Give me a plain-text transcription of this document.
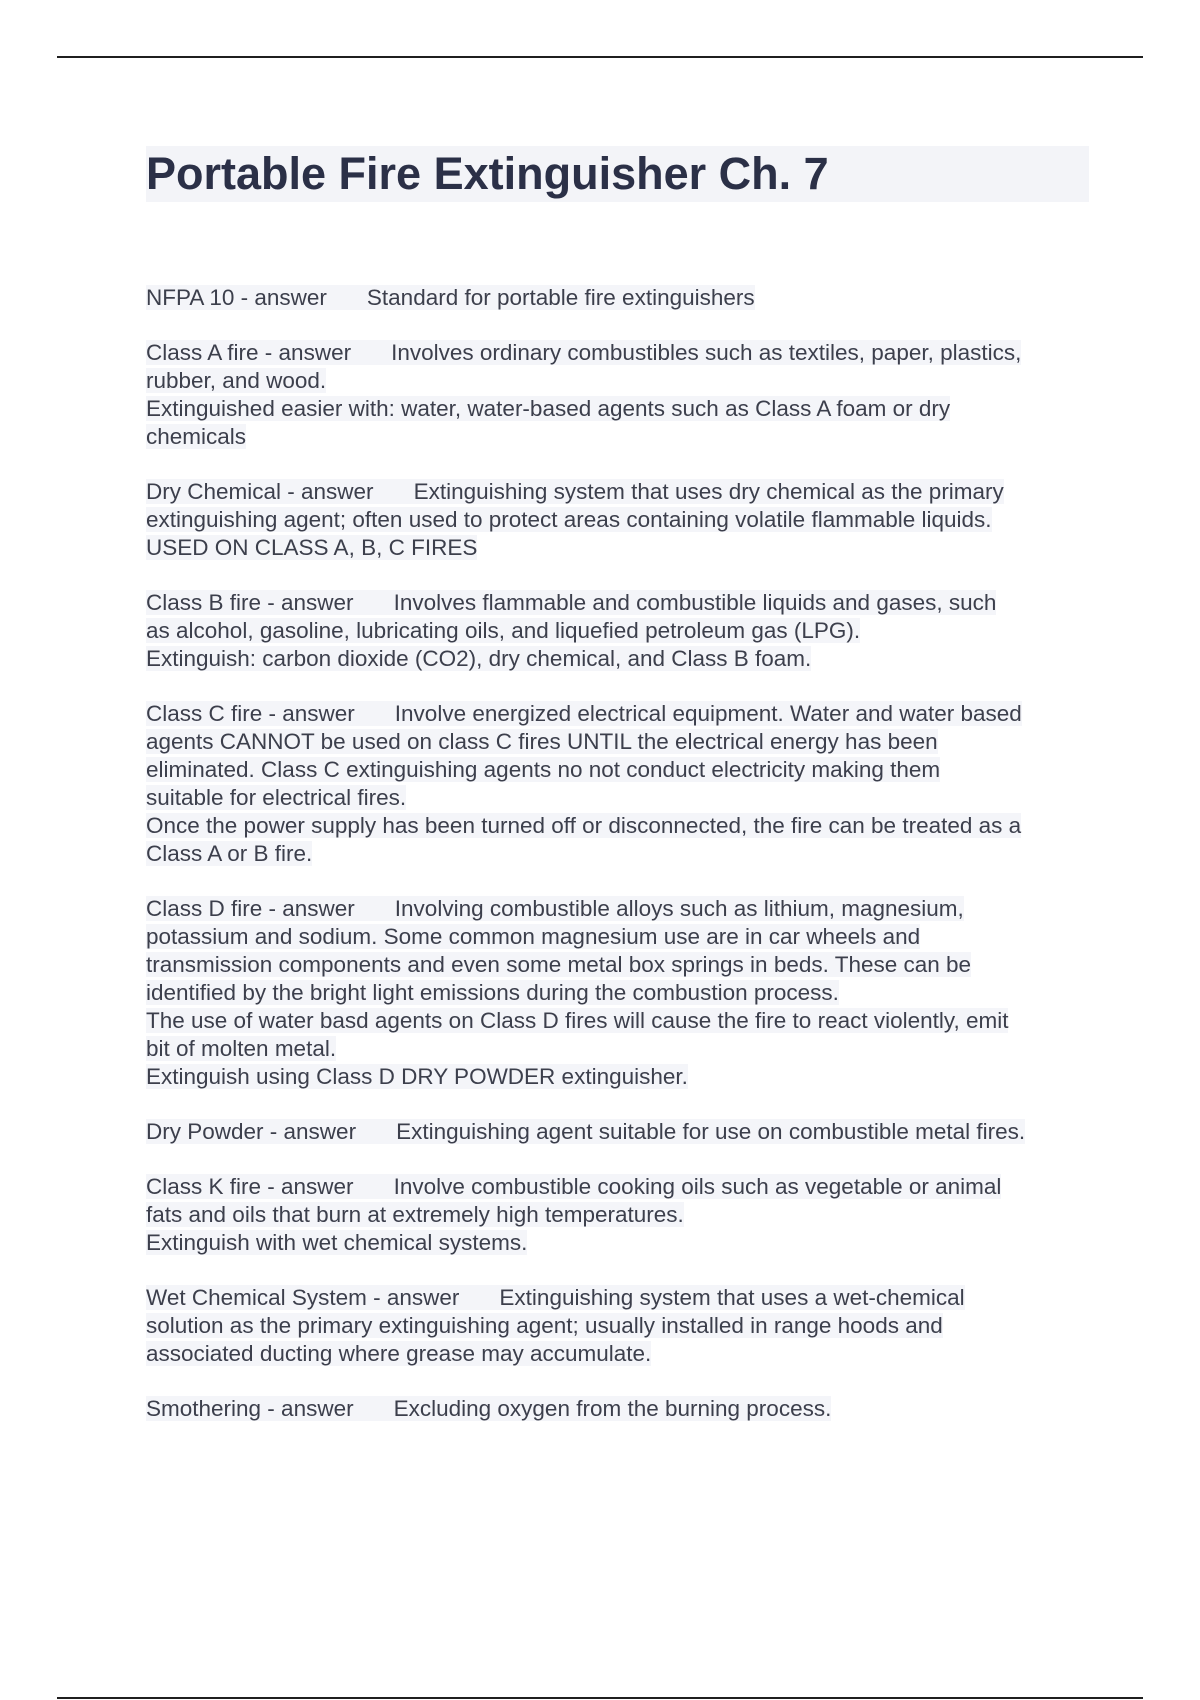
Portable Fire Extinguisher Ch. 7
NFPA 10 - answer Standard for portable fire extinguishers
Class A fire - answer Involves ordinary combustibles such as textiles, paper, plastics,
rubber, and wood.
Extinguished easier with: water, water-based agents such as Class A foam or dry
chemicals
Dry Chemical - answer Extinguishing system that uses dry chemical as the primary
extinguishing agent; often used to protect areas containing volatile flammable liquids.
USED ON CLASS A, B, C FIRES
Class B fire - answer Involves flammable and combustible liquids and gases, such
as alcohol, gasoline, lubricating oils, and liquefied petroleum gas (LPG).
Extinguish: carbon dioxide (CO2), dry chemical, and Class B foam.
Class C fire - answer Involve energized electrical equipment. Water and water based
agents CANNOT be used on class C fires UNTIL the electrical energy has been
eliminated. Class C extinguishing agents no not conduct electricity making them
suitable for electrical fires.
Once the power supply has been turned off or disconnected, the fire can be treated as a
Class A or B fire.
Class D fire - answer Involving combustible alloys such as lithium, magnesium,
potassium and sodium. Some common magnesium use are in car wheels and
transmission components and even some metal box springs in beds. These can be
identified by the bright light emissions during the combustion process.
The use of water basd agents on Class D fires will cause the fire to react violently, emit
bit of molten metal.
Extinguish using Class D DRY POWDER extinguisher.
Dry Powder - answer Extinguishing agent suitable for use on combustible metal fires.
Class K fire - answer Involve combustible cooking oils such as vegetable or animal
fats and oils that burn at extremely high temperatures.
Extinguish with wet chemical systems.
Wet Chemical System - answer Extinguishing system that uses a wet-chemical
solution as the primary extinguishing agent; usually installed in range hoods and
associated ducting where grease may accumulate.
Smothering - answer Excluding oxygen from the burning process.
